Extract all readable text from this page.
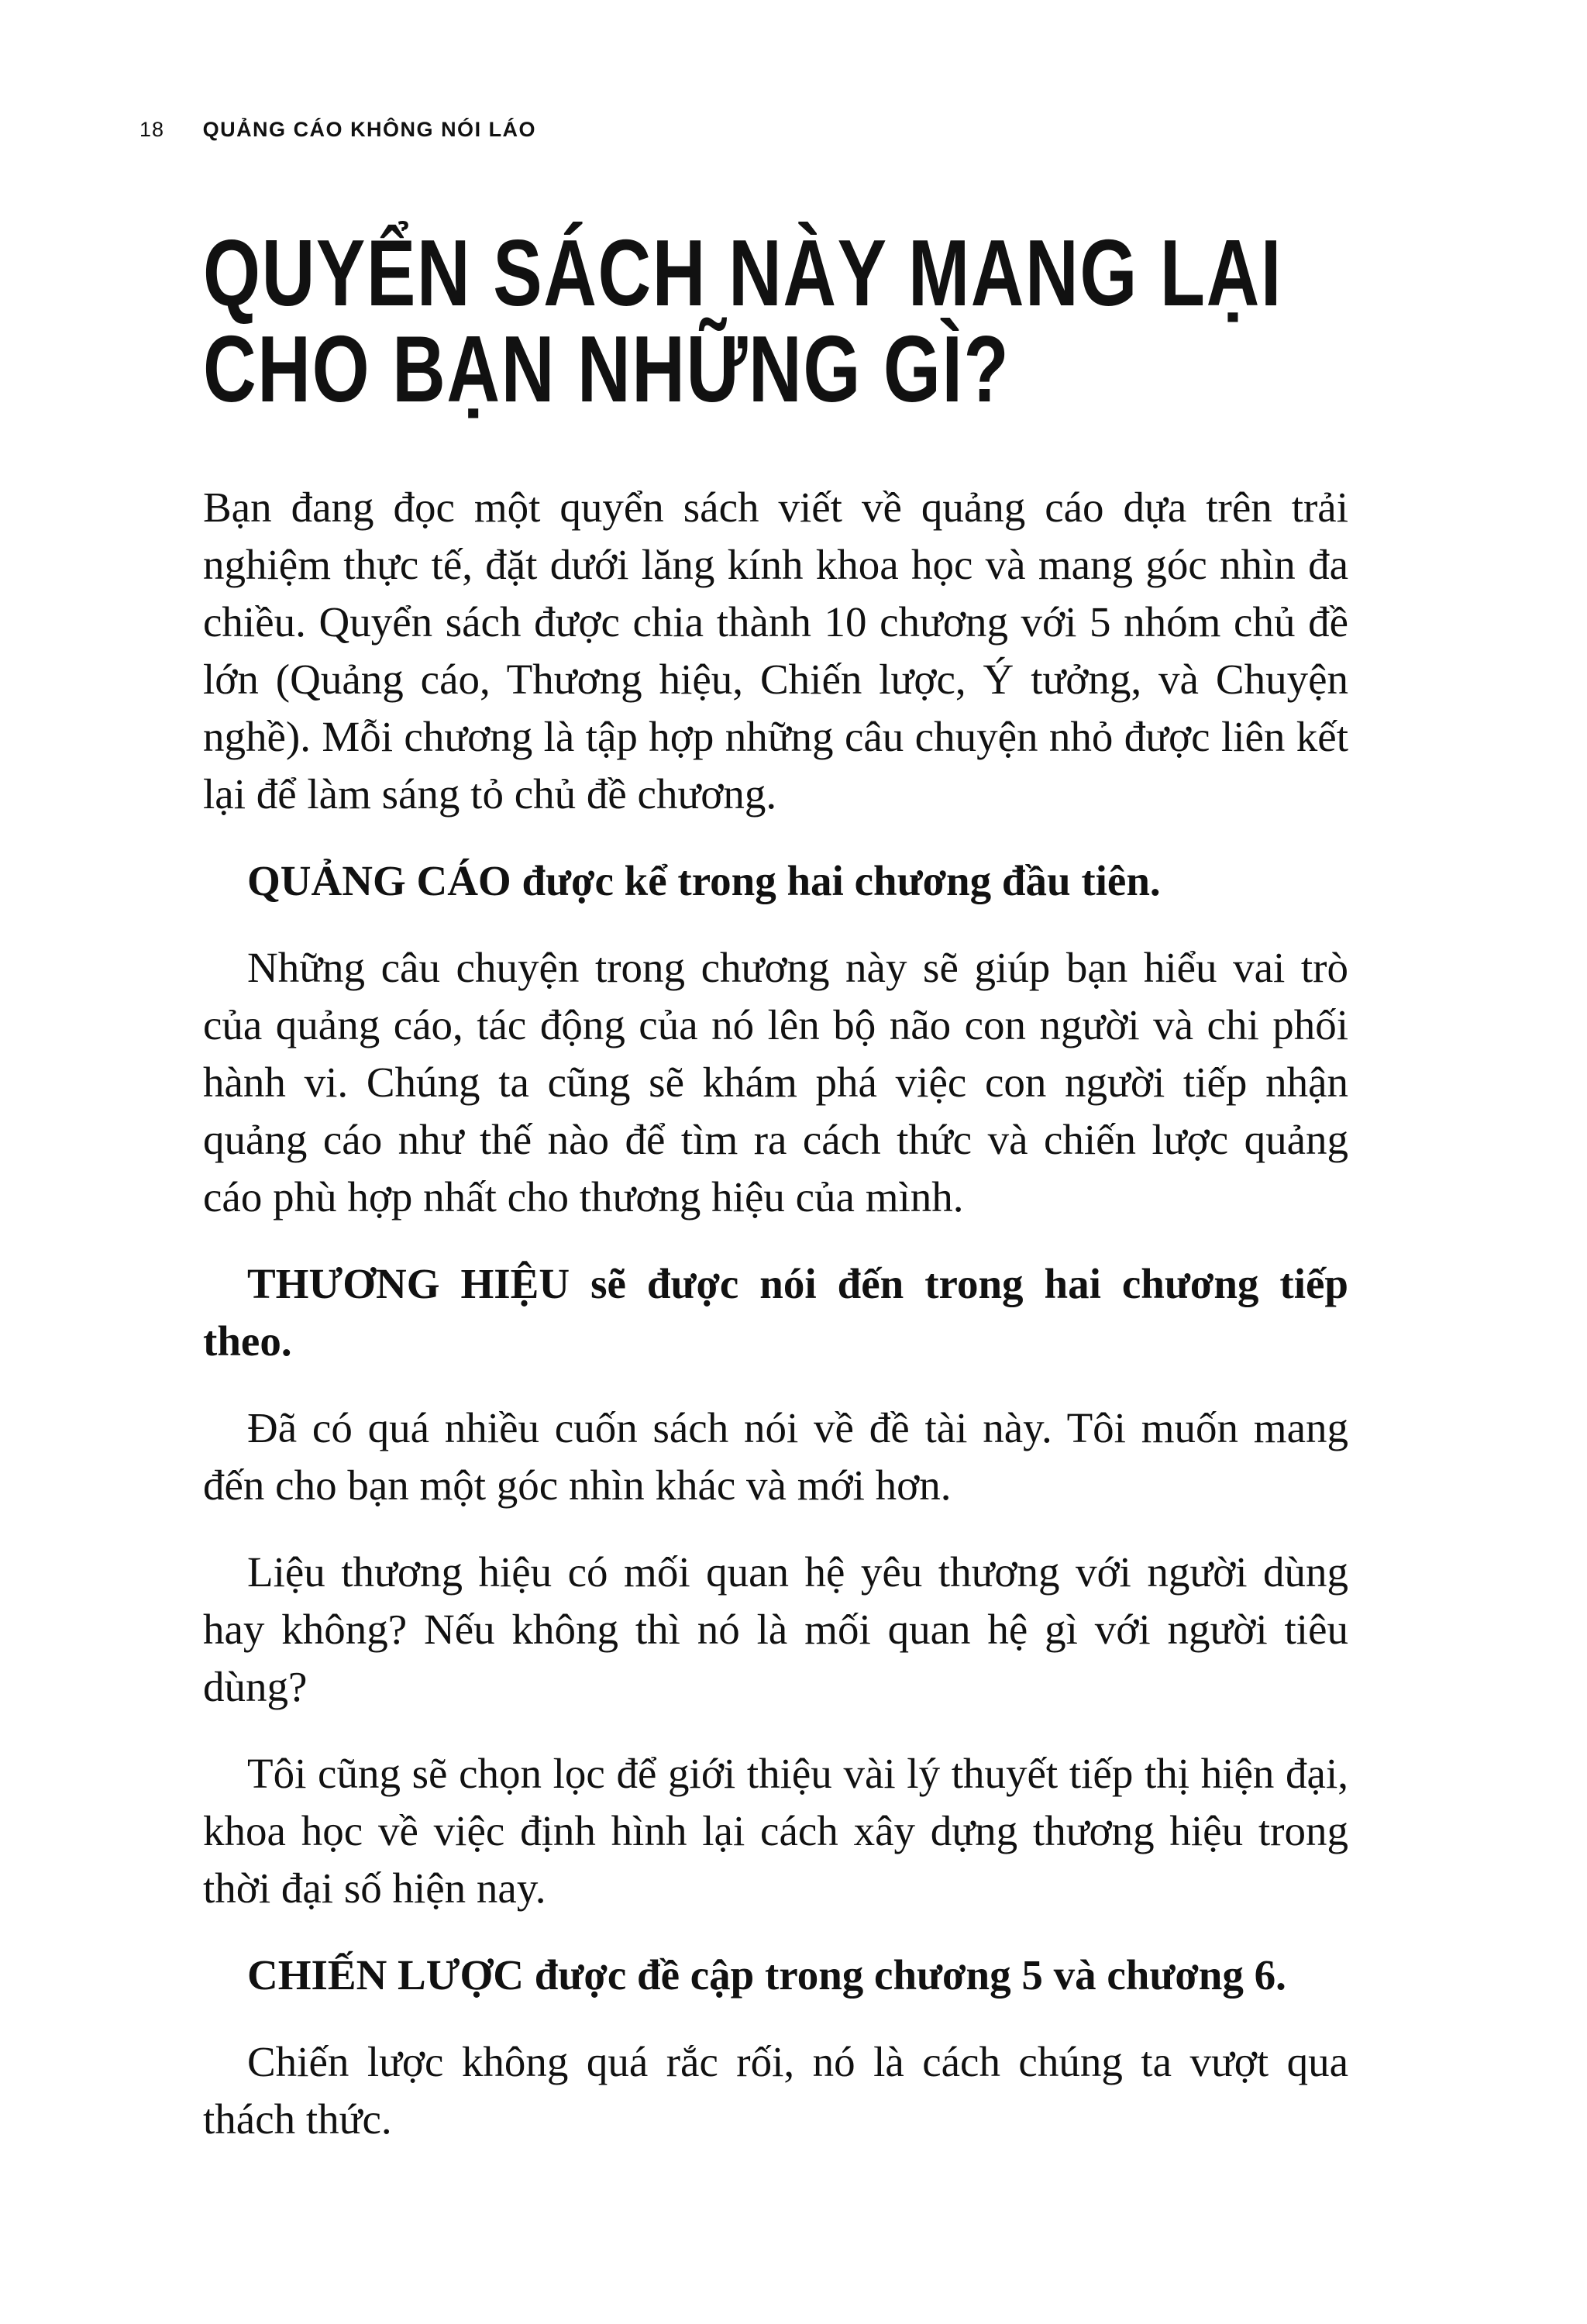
18 QUẢNG CÁO KHÔNG NÓI LÁO
QUYỂN SÁCH NÀY MANG LẠI
CHO BẠN NHỮNG GÌ?

Bạn đang đọc một quyển sách viết về quảng cáo dựa trên trải nghiệm thực tế, đặt dưới lăng kính khoa học và mang góc nhìn đa chiều. Quyển sách được chia thành 10 chương với 5 nhóm chủ đề lớn (Quảng cáo, Thương hiệu, Chiến lược, Ý tưởng, và Chuyện nghề). Mỗi chương là tập hợp những câu chuyện nhỏ được liên kết lại để làm sáng tỏ chủ đề chương.

QUẢNG CÁO được kể trong hai chương đầu tiên.

Những câu chuyện trong chương này sẽ giúp bạn hiểu vai trò của quảng cáo, tác động của nó lên bộ não con người và chi phối hành vi. Chúng ta cũng sẽ khám phá việc con người tiếp nhận quảng cáo như thế nào để tìm ra cách thức và chiến lược quảng cáo phù hợp nhất cho thương hiệu của mình.

THƯƠNG HIỆU sẽ được nói đến trong hai chương tiếp theo.

Đã có quá nhiều cuốn sách nói về đề tài này. Tôi muốn mang đến cho bạn một góc nhìn khác và mới hơn.

Liệu thương hiệu có mối quan hệ yêu thương với người dùng hay không? Nếu không thì nó là mối quan hệ gì với người tiêu dùng?

Tôi cũng sẽ chọn lọc để giới thiệu vài lý thuyết tiếp thị hiện đại, khoa học về việc định hình lại cách xây dựng thương hiệu trong thời đại số hiện nay.

CHIẾN LƯỢC được đề cập trong chương 5 và chương 6.

Chiến lược không quá rắc rối, nó là cách chúng ta vượt qua thách thức.
